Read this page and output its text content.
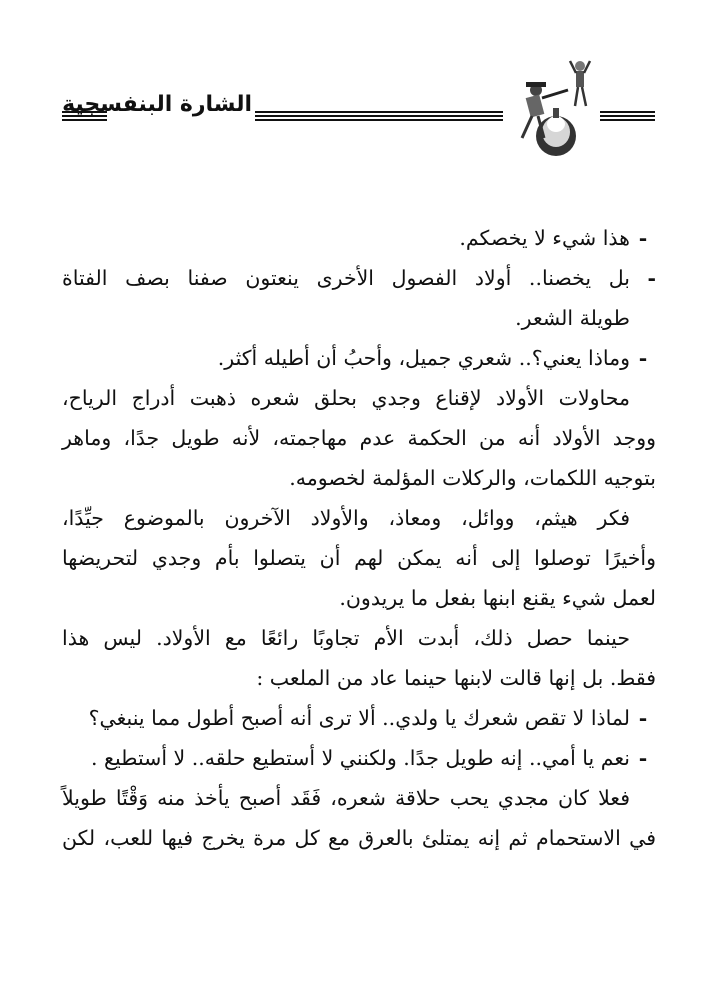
الشارة البنفسجية
-هذا شيء لا يخصكم.
-بل يخصنا.. أولاد الفصول الأخرى ينعتون صفنا بصف الفتاة
طويلة الشعر.
-وماذا يعني؟.. شعري جميل، وأحبُ أن أطيله أكثر.
محاولات الأولاد لإقناع وجدي بحلق شعره ذهبت أدراج الرياح،
ووجد الأولاد أنه من الحكمة عدم مهاجمته، لأنه طويل جدًا، وماهر
بتوجيه اللكمات، والركلات المؤلمة لخصومه.
فكر هيثم، ووائل، ومعاذ، والأولاد الآخرون بالموضوع جيِّدًا،
وأخيرًا توصلوا إلى أنه يمكن لهم أن يتصلوا بأم وجدي لتحريضها
لعمل شيء يقنع ابنها بفعل ما يريدون.
حينما حصل ذلك، أبدت الأم تجاوبًا رائعًا مع الأولاد. ليس هذا
فقط. بل إنها قالت لابنها حينما عاد من الملعب :
-لماذا لا تقص شعرك يا ولدي.. ألا ترى أنه أصبح أطول مما ينبغي؟
-نعم يا أمي.. إنه طويل جدًا. ولكنني لا أستطيع حلقه.. لا أستطيع .
فعلا كان مجدي يحب حلاقة شعره، فَقَد أصبح يأخذ منه وَقْتًا طويلاً
في الاستحمام ثم إنه يمتلئ بالعرق مع كل مرة يخرج فيها للعب، لكن
